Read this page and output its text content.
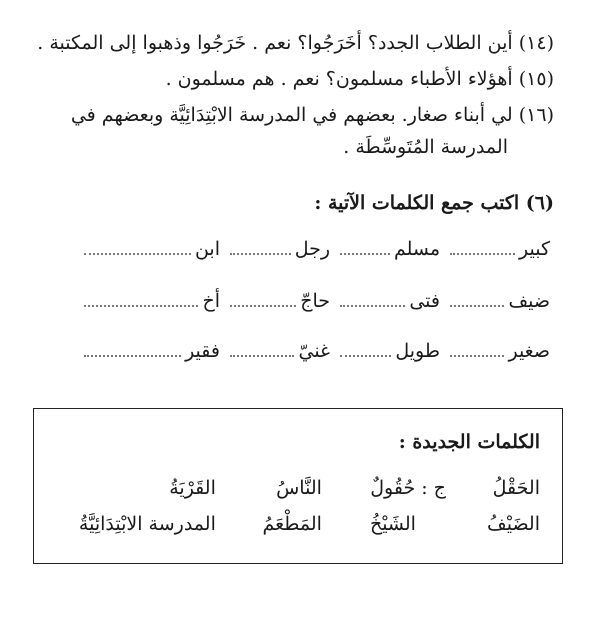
(١٤) أين الطلاب الجدد؟ أخَرَجُوا؟ نعم . خَرَجُوا وذهبوا إلى المكتبة .
(١٥) أهؤلاء الأطباء مسلمون؟ نعم . هم مسلمون .
(١٦) لي أبناء صغار. بعضهم في المدرسة الابْتِدَائِيَّة وبعضهم في
المدرسة المُتَوسِّطَة .
(٦) اكتب جمع الكلمات الآتية :
كبير
مسلم
رجل
ابن
ضيف
فتى
حاجّ
أخ
صغير
طويل
غنيّ
فقير
الكلمات الجديدة :
الحَقْلُ ج : حُقُولٌ النَّاسُ القَرْيَةُ
الضَيْفُ الشَيْخُ المَطْعَمُ المدرسة الابْتِدَائِيَّةُ
